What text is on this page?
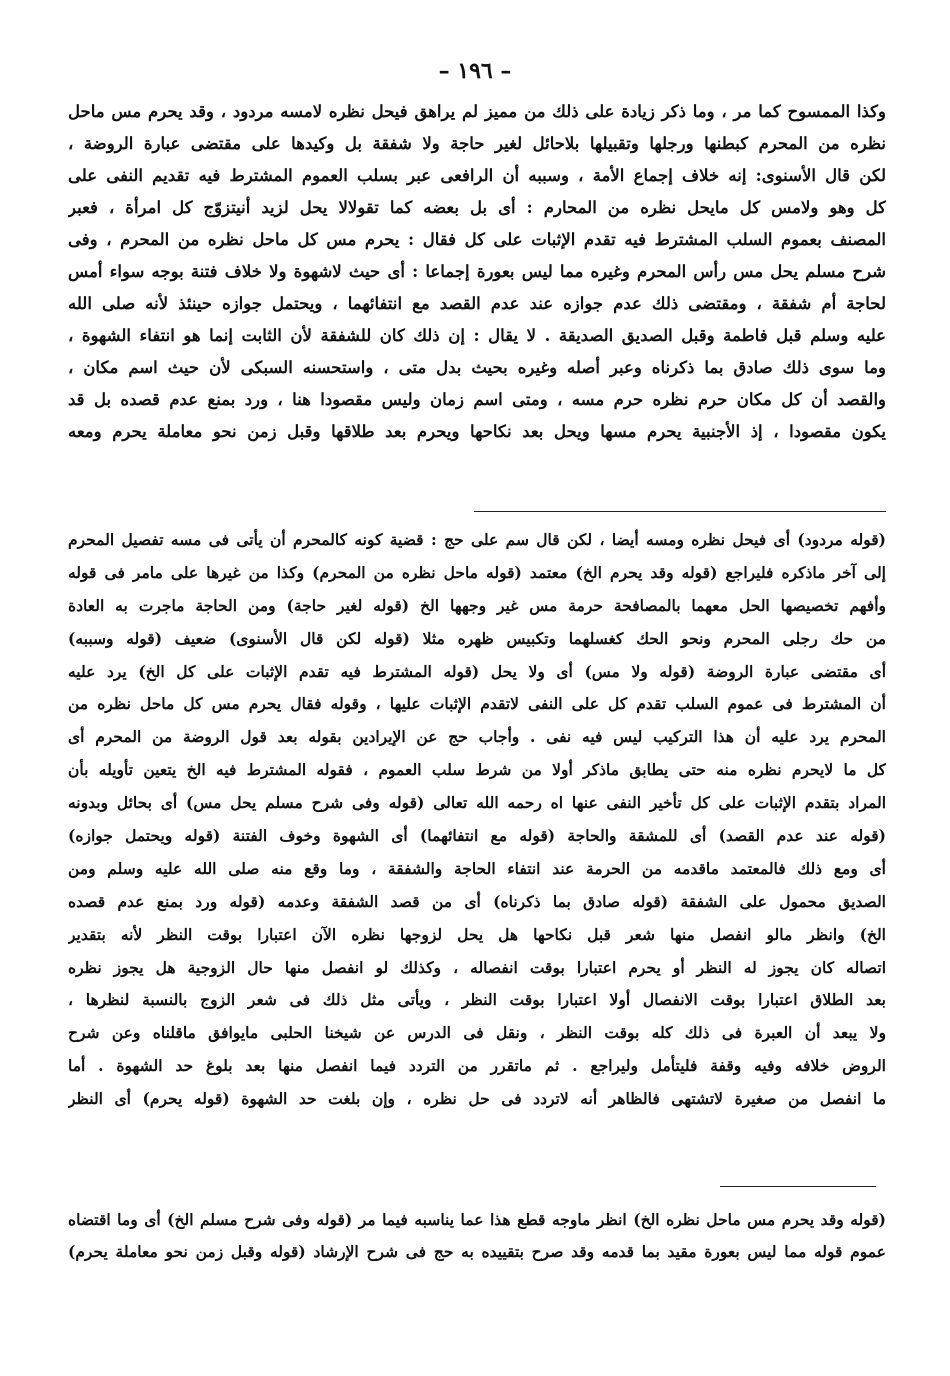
– ١٩٦ –
وكذا الممسوح كما مر ، وما ذكر زيادة على ذلك من مميز لم يراهق فيحل نظره لامسه مردود ، وقد يحرم مس ماحل
نظره من المحرم كبطنها ورجلها وتقبيلها بلاحائل لغير حاجة ولا شفقة بل وكيدها على مقتضى عبارة الروضة ،
لكن قال الأسنوى: إنه خلاف إجماع الأمة ، وسببه أن الرافعى عبر بسلب العموم المشترط فيه تقديم النفى على
كل وهو ولامس كل مايحل نظره من المحارم : أى بل بعضه كما تقولالا يحل لزيد أنيتزوّج كل امرأة ، فعبر
المصنف بعموم السلب المشترط فيه تقدم الإثبات على كل فقال : يحرم مس كل ماحل نظره من المحرم ، وفى
شرح مسلم يحل مس رأس المحرم وغيره مما ليس بعورة إجماعا : أى حيث لاشهوة ولا خلاف فتنة بوجه سواء أمس
لحاجة أم شفقة ، ومقتضى ذلك عدم جوازه عند عدم القصد مع انتفائهما ، ويحتمل جوازه حينئذ لأنه صلى الله
عليه وسلم قبل فاطمة وقبل الصديق الصديقة . لا يقال : إن ذلك كان للشفقة لأن الثابت إنما هو انتفاء الشهوة ،
وما سوى ذلك صادق بما ذكرناه وعبر أصله وغيره بحيث بدل متى ، واستحسنه السبكى لأن حيث اسم مكان ،
والقصد أن كل مكان حرم نظره حرم مسه ، ومتى اسم زمان وليس مقصودا هنا ، ورد بمنع عدم قصده بل قد
يكون مقصودا ، إذ الأجنبية يحرم مسها ويحل بعد نكاحها ويحرم بعد طلاقها وقبل زمن نحو معاملة يحرم ومعه
(قوله مردود) أى فيحل نظره ومسه أيضا ، لكن قال سم على حج : قضية كونه كالمحرم أن يأتى فى مسه تفصيل المحرم
إلى آخر ماذكره فليراجع (قوله وقد يحرم الخ) معتمد (قوله ماحل نظره من المحرم) وكذا من غيرها على مامر فى قوله
وأفهم تخصيصها الحل معهما بالمصافحة حرمة مس غير وجهها الخ (قوله لغير حاجة) ومن الحاجة ماجرت به العادة
من حك رجلى المحرم ونحو الحك كغسلهما وتكبيس ظهره مثلا (قوله لكن قال الأسنوى) ضعيف (قوله وسببه)
أى مقتضى عبارة الروضة (قوله ولا مس) أى ولا يحل (قوله المشترط فيه تقدم الإثبات على كل الخ) يرد عليه
أن المشترط فى عموم السلب تقدم كل على النفى لاتقدم الإثبات عليها ، وقوله فقال يحرم مس كل ماحل نظره من
المحرم يرد عليه أن هذا التركيب ليس فيه نفى . وأجاب حج عن الإيرادين بقوله بعد قول الروضة من المحرم أى
كل ما لايحرم نظره منه حتى يطابق ماذكر أولا من شرط سلب العموم ، فقوله المشترط فيه الخ يتعين تأويله بأن
المراد بتقدم الإثبات على كل تأخير النفى عنها اه رحمه الله تعالى (قوله وفى شرح مسلم يحل مس) أى بحائل وبدونه
(قوله عند عدم القصد) أى للمشقة والحاجة (قوله مع انتفائهما) أى الشهوة وخوف الفتنة (قوله ويحتمل جوازه)
أى ومع ذلك فالمعتمد ماقدمه من الحرمة عند انتفاء الحاجة والشفقة ، وما وقع منه صلى الله عليه وسلم ومن
الصديق محمول على الشفقة (قوله صادق بما ذكرناه) أى من قصد الشفقة وعدمه (قوله ورد بمنع عدم قصده
الخ) وانظر مالو انفصل منها شعر قبل نكاحها هل يحل لزوجها نظره الآن اعتبارا بوقت النظر لأنه بتقدير
اتصاله كان يجوز له النظر أو يحرم اعتبارا بوقت انفصاله ، وكذلك لو انفصل منها حال الزوجية هل يجوز نظره
بعد الطلاق اعتبارا بوقت الانفصال أولا اعتبارا بوقت النظر ، ويأتى مثل ذلك فى شعر الزوج بالنسبة لنظرها ،
ولا يبعد أن العبرة فى ذلك كله بوقت النظر ، ونقل فى الدرس عن شيخنا الحلبى مايوافق ماقلناه وعن شرح
الروض خلافه وفيه وقفة فليتأمل وليراجع . ثم ماتقرر من التردد فيما انفصل منها بعد بلوغ حد الشهوة . أما
ما انفصل من صغيرة لاتشتهى فالظاهر أنه لاتردد فى حل نظره ، وإن بلغت حد الشهوة (قوله يحرم) أى النظر
(قوله وقد يحرم مس ماحل نظره الخ) انظر ماوجه قطع هذا عما يناسبه فيما مر (قوله وفى شرح مسلم الخ) أى وما اقتضاه
عموم قوله مما ليس بعورة مقيد بما قدمه وقد صرح بتقييده به حج فى شرح الإرشاد (قوله وقبل زمن نحو معاملة يحرم)
